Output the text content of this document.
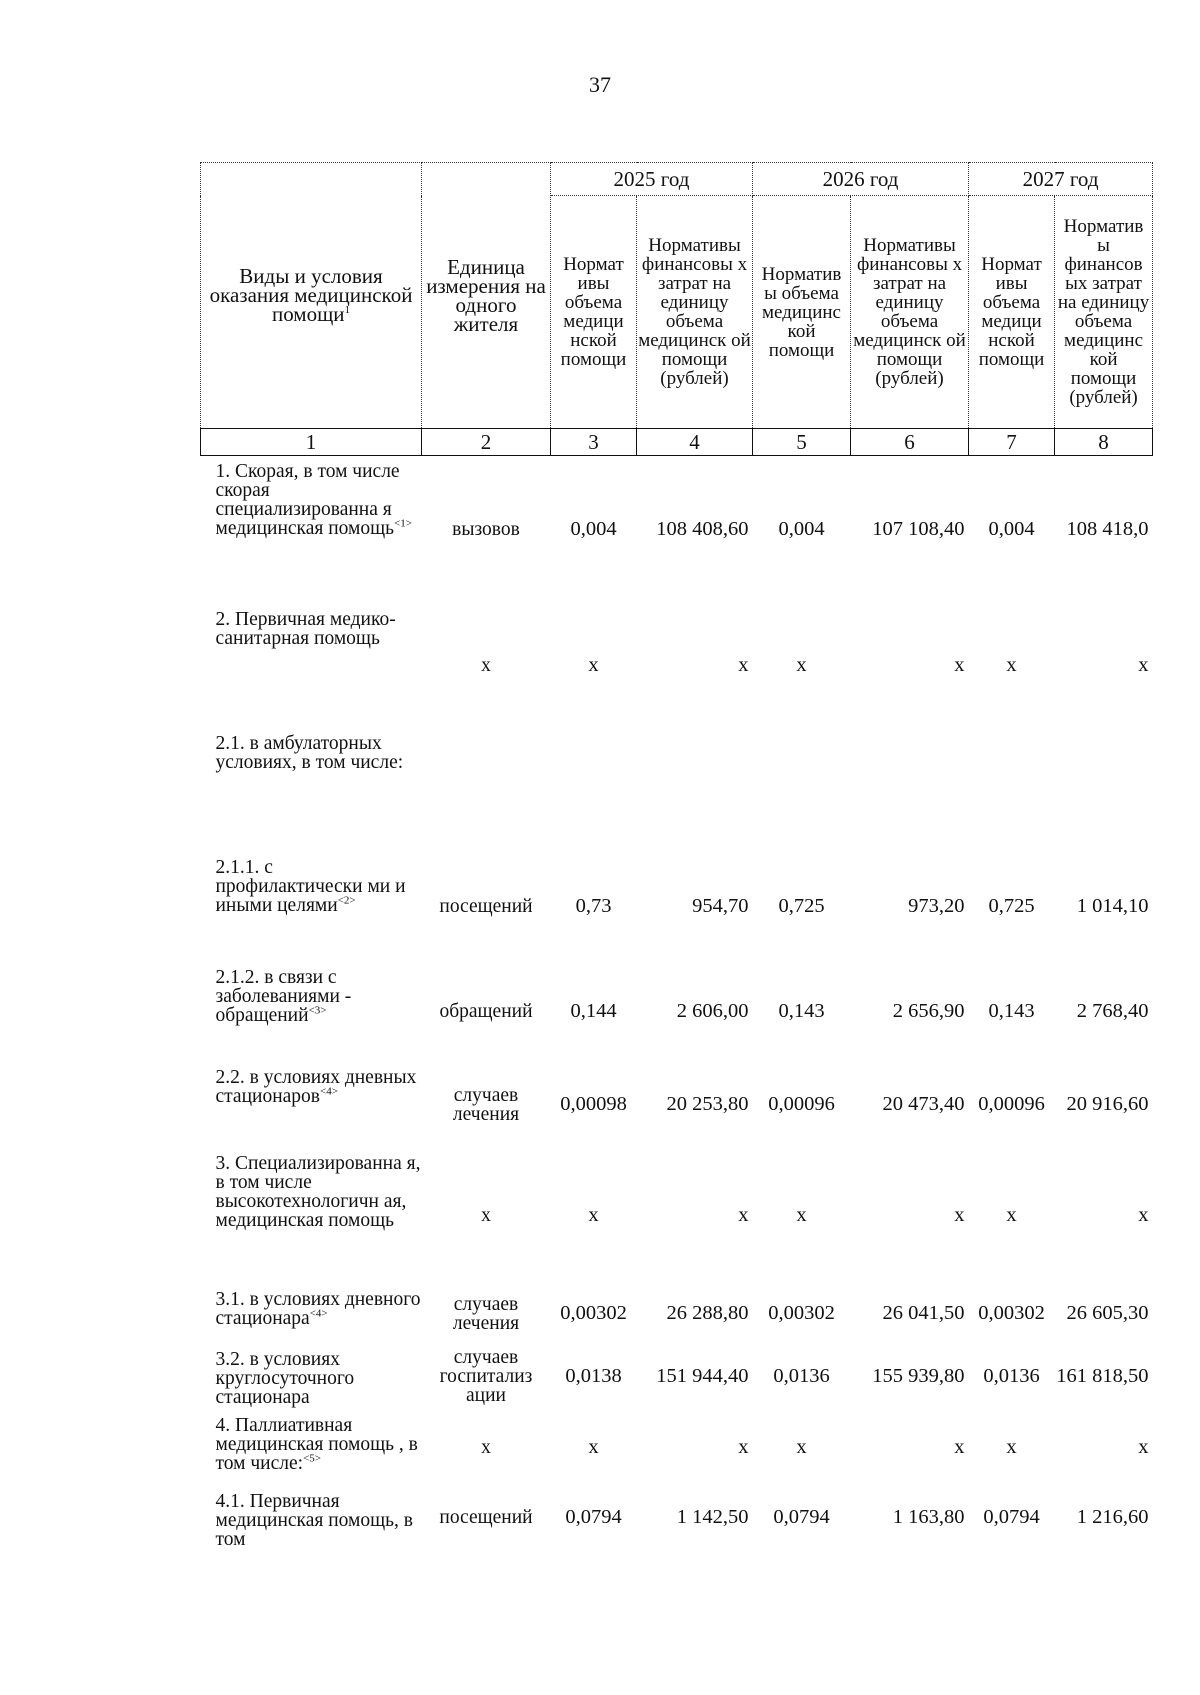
37
Виды и условия оказания медицинской помощи$^1$	Единица измерения на одного жителя	2025 год		2026 год		2027 год	
		Нормат ивы объема медици нской помощи	Нормативы финансовы х затрат на единицу объема медицинск ой помощи (рублей)	Норматив ы объема медицинс кой помощи	Нормативы финансовы х затрат на единицу объема медицинск ой помощи (рублей)	Нормат ивы объема медици нской помощи	Норматив ы финансов ых затрат на единицу объема медицинс кой помощи (рублей)
1	2	3	4	5	6	7	8
1. Скорая, в том числе скорая специализированна я медицинская помощь$^{<1>}$	вызовов	0,004	108 408,60	0,004	107 108,40	0,004	108 418,0
2. Первичная медико-санитарная помощь	х	х	х	х	х	х	х
2.1. в амбулаторных условиях, в том числе:							
2.1.1. с профилактически ми и иными целями$^{<2>}$	посещений	0,73	954,70	0,725	973,20	0,725	1 014,10
2.1.2. в связи с заболеваниями - обращений$^{<3>}$	обращений	0,144	2 606,00	0,143	2 656,90	0,143	2 768,40
2.2. в условиях дневных стационаров$^{<4>}$	случаев лечения	0,00098	20 253,80	0,00096	20 473,40	0,00096	20 916,60
3. Специализированна я, в том числе высокотехнологичн ая, медицинская помощь	х	х	х	х	х	х	х
3.1. в условиях дневного стационара$^{<4>}$	случаев лечения	0,00302	26 288,80	0,00302	26 041,50	0,00302	26 605,30
3.2. в условиях круглосуточного стационара	случаев госпитализ ации	0,0138	151 944,40	0,0136	155 939,80	0,0136	161 818,50
4. Паллиативная медицинская помощь , в том числе:$^{<5>}$	х	х	х	х	х	х	х
4.1. Первичная медицинская помощь, в том	посещений	0,0794	1 142,50	0,0794	1 163,80	0,0794	1 216,60
